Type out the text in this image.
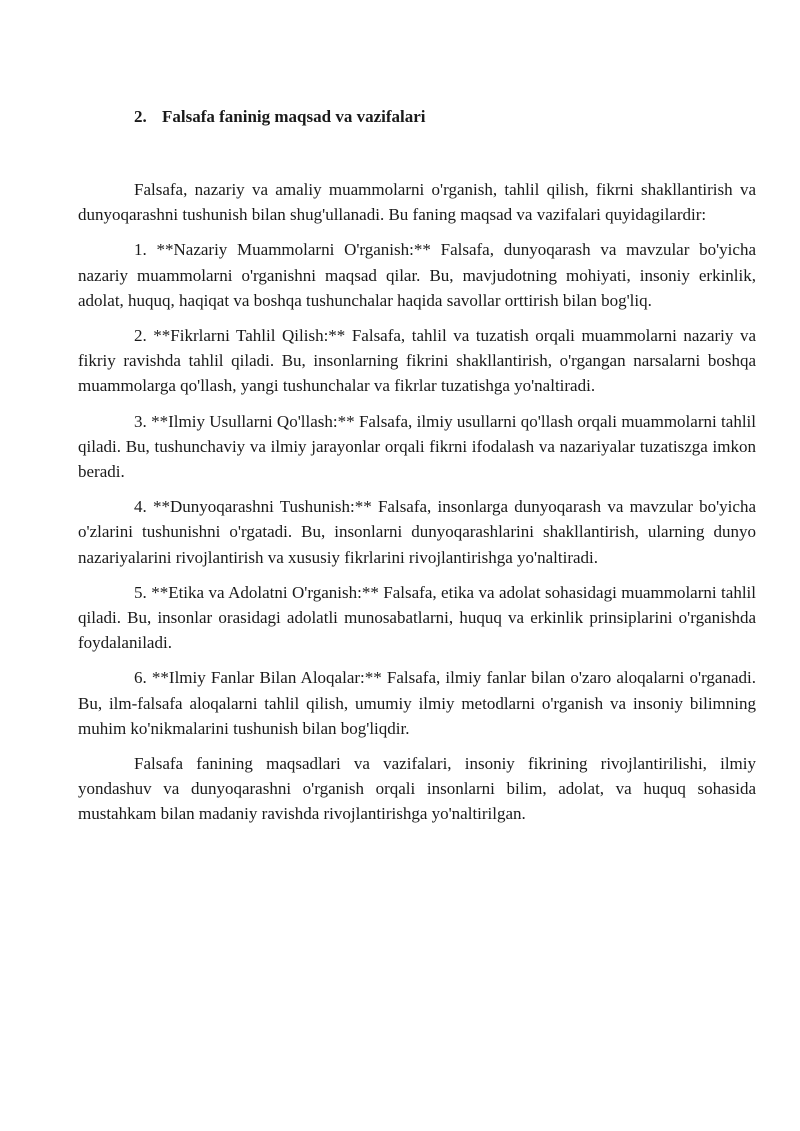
2. Falsafa faninig maqsad va vazifalari

Falsafa, nazariy va amaliy muammolarni o'rganish, tahlil qilish, fikrni shakllantirish va dunyoqarashni tushunish bilan shug'ullanadi. Bu faning maqsad va vazifalari quyidagilardir:

1. **Nazariy Muammolarni O'rganish:** Falsafa, dunyoqarash va mavzular bo'yicha nazariy muammolarni o'rganishni maqsad qilar. Bu, mavjudotning mohiyati, insoniy erkinlik, adolat, huquq, haqiqat va boshqa tushunchalar haqida savollar orttirish bilan bog'liq.

2. **Fikrlarni Tahlil Qilish:** Falsafa, tahlil va tuzatish orqali muammolarni nazariy va fikriy ravishda tahlil qiladi. Bu, insonlarning fikrini shakllantirish, o'rgangan narsalarni boshqa muammolarga qo'llash, yangi tushunchalar va fikrlar tuzatishga yo'naltiradi.

3. **Ilmiy Usullarni Qo'llash:** Falsafa, ilmiy usullarni qo'llash orqali muammolarni tahlil qiladi. Bu, tushunchaviy va ilmiy jarayonlar orqali fikrni ifodalash va nazariyalar tuzatiszga imkon beradi.

4. **Dunyoqarashni Tushunish:** Falsafa, insonlarga dunyoqarash va mavzular bo'yicha o'zlarini tushunishni o'rgatadi. Bu, insonlarni dunyoqarashlarini shakllantirish, ularning dunyo nazariyalarini rivojlantirish va xususiy fikrlarini rivojlantirishga yo'naltiradi.

5. **Etika va Adolatni O'rganish:** Falsafa, etika va adolat sohasidagi muammolarni tahlil qiladi. Bu, insonlar orasidagi adolatli munosabatlarni, huquq va erkinlik prinsiplarini o'rganishda foydalaniladi.

6. **Ilmiy Fanlar Bilan Aloqalar:** Falsafa, ilmiy fanlar bilan o'zaro aloqalarni o'rganadi. Bu, ilm-falsafa aloqalarni tahlil qilish, umumiy ilmiy metodlarni o'rganish va insoniy bilimning muhim ko'nikmalarini tushunish bilan bog'liqdir.

Falsafa fanining maqsadlari va vazifalari, insoniy fikrining rivojlantirilishi, ilmiy yondashuv va dunyoqarashni o'rganish orqali insonlarni bilim, adolat, va huquq sohasida mustahkam bilan madaniy ravishda rivojlantirishga yo'naltirilgan.
